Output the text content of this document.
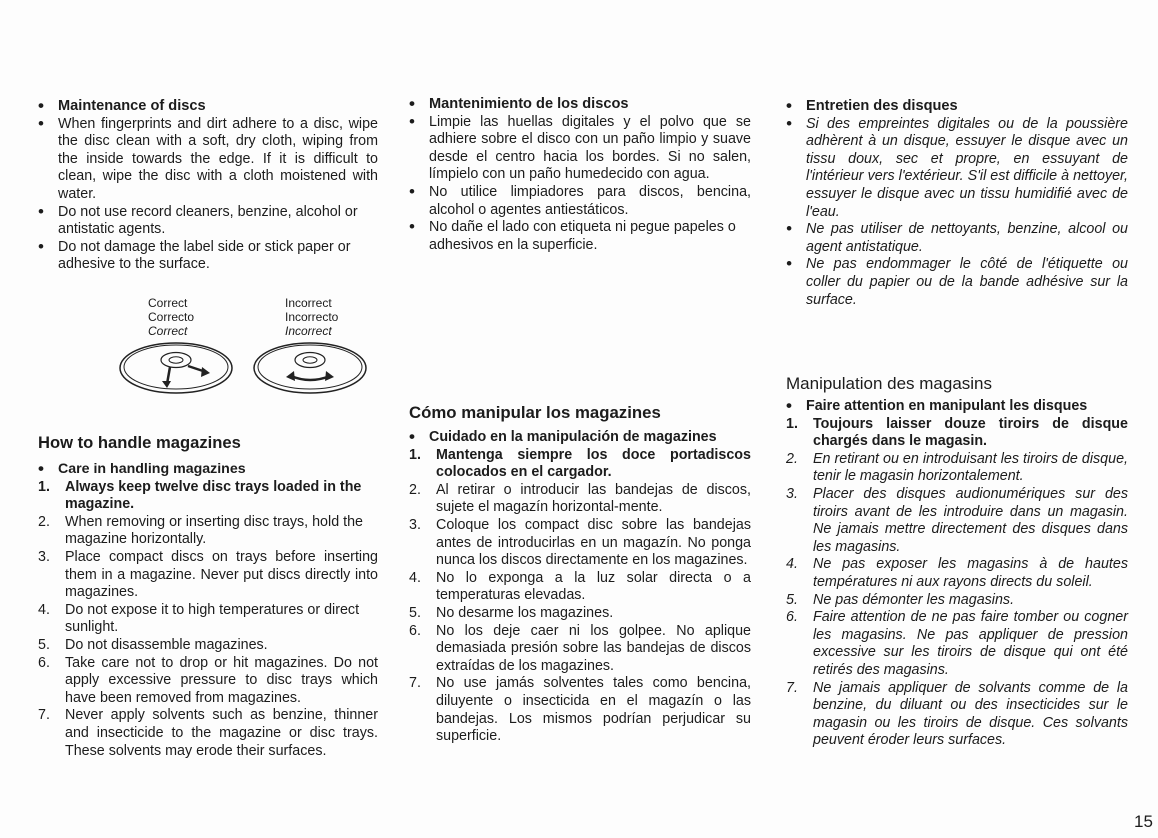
• Maintenance of discs
• When fingerprints and dirt adhere to a disc, wipe the disc clean with a soft, dry cloth, wiping from the inside towards the edge. If it is difficult to clean, wipe the disc with a cloth moistened with water.
• Do not use record cleaners, benzine, alcohol or antistatic agents.
• Do not damage the label side or stick paper or adhesive to the surface.
Correct
Correcto
Correct
Incorrect
Incorrecto
Incorrect
How to handle magazines
• Care in handling magazines
1. Always keep twelve disc trays loaded in the magazine.
2. When removing or inserting disc trays, hold the magazine horizontally.
3. Place compact discs on trays before inserting them in a magazine. Never put discs directly into magazines.
4. Do not expose it to high temperatures or direct sunlight.
5. Do not disassemble magazines.
6. Take care not to drop or hit magazines. Do not apply excessive pressure to disc trays which have been removed from magazines.
7. Never apply solvents such as benzine, thinner and insecticide to the magazine or disc trays. These solvents may erode their surfaces.
• Mantenimiento de los discos
• Limpie las huellas digitales y el polvo que se adhiere sobre el disco con un paño limpio y suave desde el centro hacia los bordes. Si no salen, límpielo con un paño humedecido con agua.
• No utilice limpiadores para discos, bencina, alcohol o agentes antiestáticos.
• No dañe el lado con etiqueta ni pegue papeles o adhesivos en la superficie.
Cómo manipular los magazines
• Cuidado en la manipulación de magazines
1. Mantenga siempre los doce portadiscos colocados en el cargador.
2. Al retirar o introducir las bandejas de discos, sujete el magazín horizontal-mente.
3. Coloque los compact disc sobre las bandejas antes de introducirlas en un magazín. No ponga nunca los discos directamente en los magazines.
4. No lo exponga a la luz solar directa o a temperaturas elevadas.
5. No desarme los magazines.
6. No los deje caer ni los golpee. No aplique demasiada presión sobre las bandejas de discos extraídas de los magazines.
7. No use jamás solventes tales como bencina, diluyente o insecticida en el magazín o las bandejas. Los mismos podrían perjudicar su superficie.
• Entretien des disques
• Si des empreintes digitales ou de la poussière adhèrent à un disque, essuyer le disque avec un tissu doux, sec et propre, en essuyant de l'intérieur vers l'extérieur. S'il est difficile à nettoyer, essuyer le disque avec un tissu humidifié avec de l'eau.
• Ne pas utiliser de nettoyants, benzine, alcool ou agent antistatique.
• Ne pas endommager le côté de l'étiquette ou coller du papier ou de la bande adhésive sur la surface.
Manipulation des magasins
• Faire attention en manipulant les disques
1. Toujours laisser douze tiroirs de disque chargés dans le magasin.
2. En retirant ou en introduisant les tiroirs de disque, tenir le magasin horizontalement.
3. Placer des disques audionumériques sur des tiroirs avant de les introduire dans un magasin. Ne jamais mettre directement des disques dans les magasins.
4. Ne pas exposer les magasins à de hautes températures ni aux rayons directs du soleil.
5. Ne pas démonter les magasins.
6. Faire attention de ne pas faire tomber ou cogner les magasins. Ne pas appliquer de pression excessive sur les tiroirs de disque qui ont été retirés des magasins.
7. Ne jamais appliquer de solvants comme de la benzine, du diluant ou des insecticides sur le magasin ou les tiroirs de disque. Ces solvants peuvent éroder leurs surfaces.
15
